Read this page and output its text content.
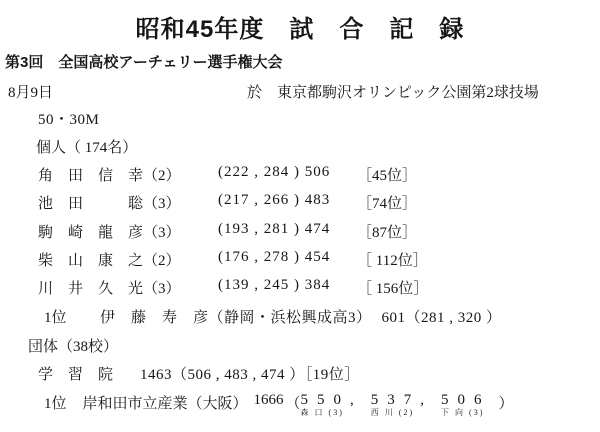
昭和45年度　試　合　記　録
第3回　全国高校アーチェリー選手権大会
8月9日	於　東京都駒沢オリンピック公園第2球技場
50・30M
個人（ 174名）
角　田　信　幸（2） (222 , 284 ) 506 ［45位］
池　田　　　聡（3） (217 , 266 ) 483 ［74位］
駒　崎　龍　彦（3） (193 , 281 ) 474 ［87位］
柴　山　康　之（2） (176 , 278 ) 454 ［ 112位］
川　井　久　光（3） (139 , 245 ) 384 ［ 156位］
1位 伊　藤　寿　彦（静岡・浜松興成高3） 601（281 , 320 ）
団体（38校）
学　習　院 1463（506 , 483 , 474 ）［19位］
1位 岸和田市立産業（大阪） 1666 （550,
森 口 (3)
537,
西 川 (2)
506
下 向 (3)
）
